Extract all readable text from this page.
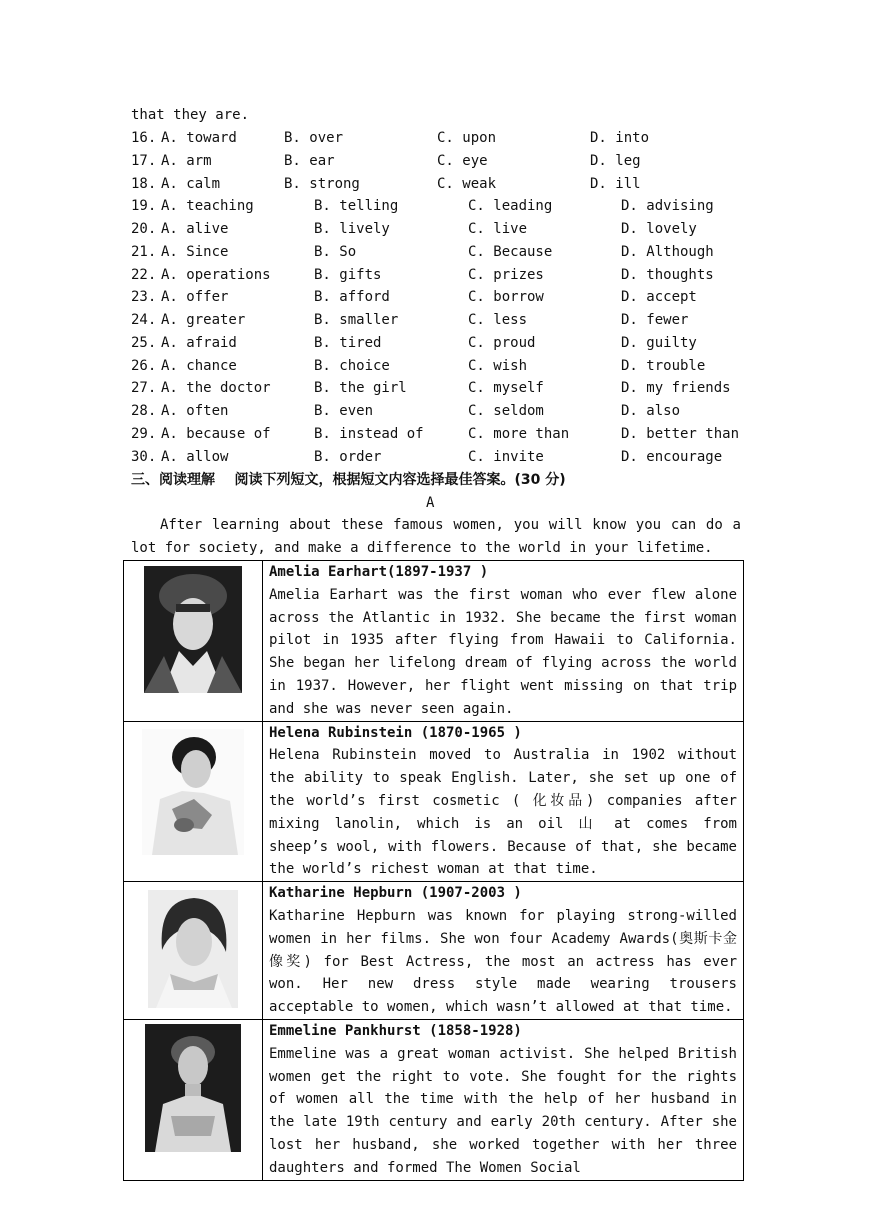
that they are.
16. A. toward	B. over	C. upon	D. into
17. A. arm	B. ear	C. eye	D. leg
18. A. calm	B. strong	C. weak	D. ill
19. A. teaching	B. telling	C. leading	D. advising
20. A. alive	B. lively	C. live	D. lovely
21. A. Since	B. So	C. Because	D. Although
22. A. operations	B. gifts	C. prizes	D. thoughts
23. A. offer	B. afford	C. borrow	D. accept
24. A. greater	B. smaller	C. less	D. fewer
25. A. afraid	B. tired	C. proud	D. guilty
26. A. chance	B. choice	C. wish	D. trouble
27. A. the doctor	B. the girl	C. myself	D. my friends
28. A. often	B. even	C. seldom	D. also
29. A. because of	B. instead of	C. more than	D. better than
30. A. allow	B. order	C. invite	D. encourage
三、阅读理解    阅读下列短文，根据短文内容选择最佳答案。(30 分)
A

After learning about these famous women, you will know you can do a lot for society, and make a difference to the world in your lifetime.

Amelia Earhart(1897-1937 )
Amelia Earhart was the first woman who ever flew alone across the Atlantic in 1932. She became the first woman pilot in 1935 after flying from Hawaii to California. She began her lifelong dream of flying across the world in 1937. However, her flight went missing on that trip and she was never seen again.

Helena Rubinstein (1870-1965 )
Helena Rubinstein moved to Australia in 1902 without the ability to speak English. Later, she set up one of the world’s first cosmetic ( 化妆品) companies after mixing lanolin, which is an oil 山 at comes from sheep’s wool, with flowers. Because of that, she became the world’s richest woman at that time.

Katharine Hepburn (1907-2003 )
Katharine Hepburn was known for playing strong-willed women in her films. She won four Academy Awards(奥斯卡金像奖) for Best Actress, the most an actress has ever won. Her new dress style made wearing trousers acceptable to women, which wasn’t allowed at that time.

Emmeline Pankhurst (1858-1928)
Emmeline was a great woman activist. She helped British women get the right to vote. She fought for the rights of women all the time with the help of her husband in the late 19th century and early 20th century. After she lost her husband, she worked together with her three daughters and formed The Women Social
